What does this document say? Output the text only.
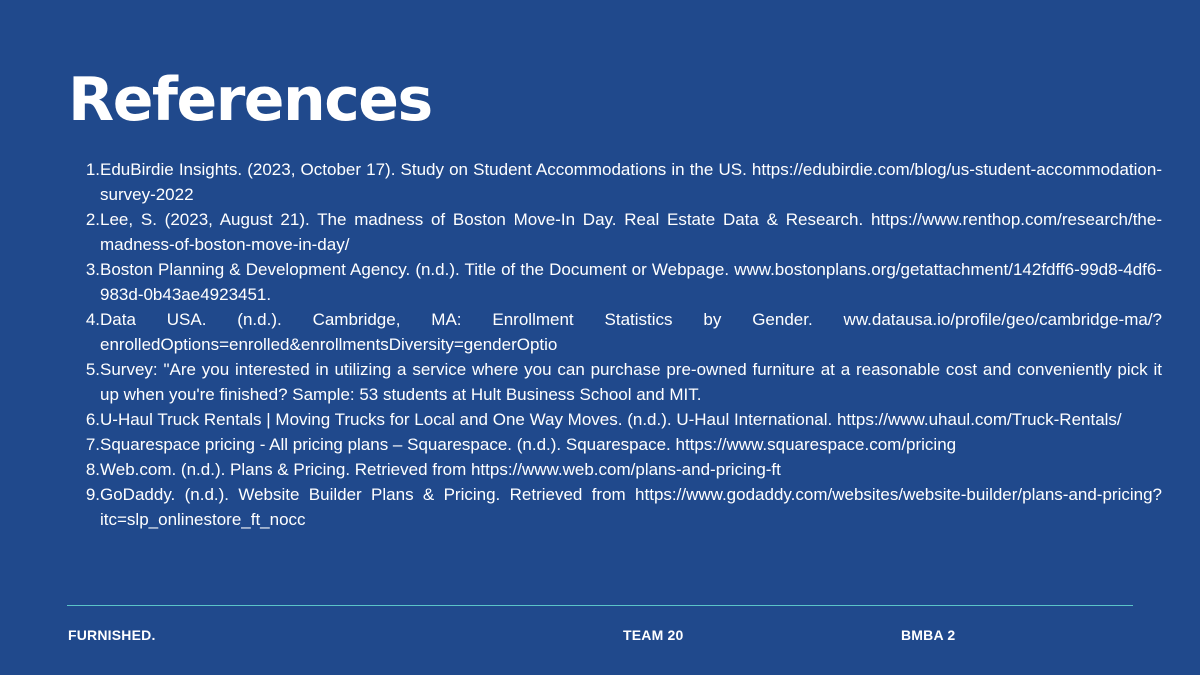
References
1. EduBirdie Insights. (2023, October 17). Study on Student Accommodations in the US. https://edubirdie.com/blog/us-student-accommodation-survey-2022
2. Lee, S. (2023, August 21). The madness of Boston Move-In Day. Real Estate Data & Research. https://www.renthop.com/research/the-madness-of-boston-move-in-day/
3. Boston Planning & Development Agency. (n.d.). Title of the Document or Webpage. www.bostonplans.org/getattachment/142fdff6-99d8-4df6-983d-0b43ae4923451.
4. Data USA. (n.d.). Cambridge, MA: Enrollment Statistics by Gender. ww.datausa.io/profile/geo/cambridge-ma/?enrolledOptions=enrolled&enrollmentsDiversity=genderOptio
5. Survey: "Are you interested in utilizing a service where you can purchase pre-owned furniture at a reasonable cost and conveniently pick it up when you're finished? Sample: 53 students at Hult Business School and MIT.
6. U-Haul Truck Rentals | Moving Trucks for Local and One Way Moves. (n.d.). U-Haul International. https://www.uhaul.com/Truck-Rentals/
7. Squarespace pricing - All pricing plans – Squarespace. (n.d.). Squarespace. https://www.squarespace.com/pricing
8. Web.com. (n.d.). Plans & Pricing. Retrieved from https://www.web.com/plans-and-pricing-ft
9. GoDaddy. (n.d.). Website Builder Plans & Pricing. Retrieved from https://www.godaddy.com/websites/website-builder/plans-and-pricing?itc=slp_onlinestore_ft_nocc
FURNISHED.	TEAM 20	BMBA 2
